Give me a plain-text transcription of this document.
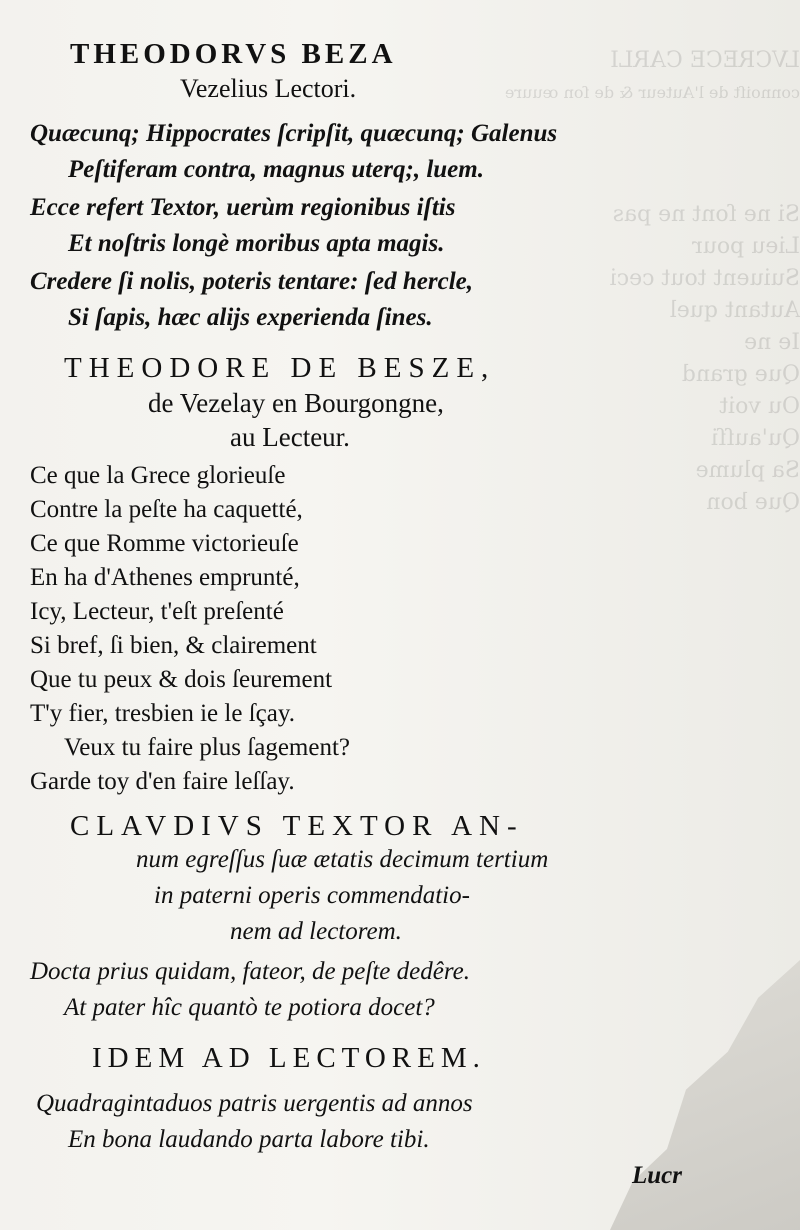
LVCRECE CARLI
connoiſt de l'Auteur & de ſon œuure
Si ne ſont ne pas
Lieu pour
Suiuent tout ceci
Autant quel
Ie ne
Que grand
Ou voit
Qu'auſſi
Sa plume
Que bon
THEODORVS BEZA
Vezelius Lectori.
Quæcunq; Hippocrates ſcripſit, quæcunq; Galenus
Peſtiferam contra, magnus uterq;, luem.
Ecce refert Textor, uerùm regionibus iſtis
Et noſtris longè moribus apta magis.
Credere ſi nolis, poteris tentare: ſed hercle,
Si ſapis, hæc alijs experienda ſines.
THEODORE DE BESZE,
de Vezelay en Bourgongne,
au Lecteur.
Ce que la Grece glorieuſe
Contre la peſte ha caquetté,
Ce que Romme victorieuſe
En ha d'Athenes emprunté,
Icy, Lecteur, t'eſt preſenté
Si bref, ſi bien, & clairement
Que tu peux & dois ſeurement
T'y fier, tresbien ie le ſçay.
Veux tu faire plus ſagement?
Garde toy d'en faire leſſay.
CLAVDIVS TEXTOR AN-
num egreſſus ſuæ ætatis decimum tertium
in paterni operis commendatio-
nem ad lectorem.
Docta prius quidam, fateor, de peſte dedêre.
At pater hîc quantò te potiora docet?
IDEM AD LECTOREM.
Quadragintaduos patris uergentis ad annos
En bona laudando parta labore tibi.
Lucr
